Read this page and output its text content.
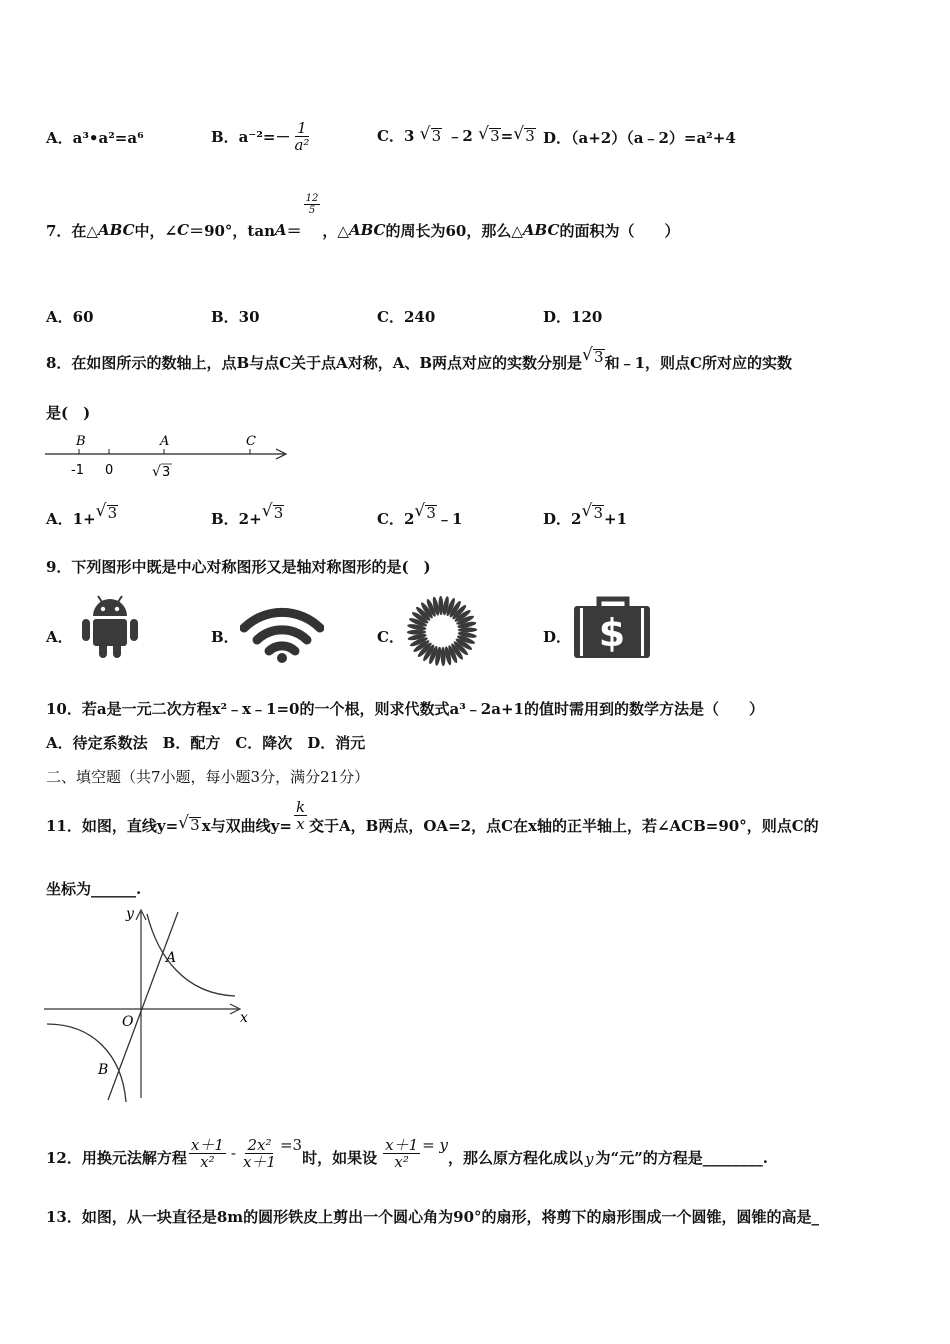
A．a³•a²=a⁶	B．$a^{-2}=- \frac{1}{\text{a²}}$	C．3 √ 3 ﹣2 √ 3= √ 3 D．（a+2）（a﹣2）=a²+4
7．在△ ABC 中，∠ C ＝90°，tan A ＝
$\frac{12}{5}$
，△ ABC 的周长为60，那么△ ABC 的面积为（　　）
A．60	B．30	C．240	D．120
8．在如图所示的数轴上，点B与点C关于点A对称，A、B两点对应的实数分别是 √ 3和﹣1，则点C所对应的实数
是(　)
B	A	C
-1 0	√ 3
A．1+ √ 3	B．2+ √ 3	C．2 √ 3﹣1	D．2 √ 3+1
9．下列图形中既是中心对称图形又是轴对称图形的是(　)
A．	B．	C．	D． $
10．若a是一元二次方程x²﹣x﹣1=0的一个根，则求代数式a³﹣2a+1的值时需用到的数学方法是（　　）
A．待定系数法　B．配方　C．降次　D．消元
二、填空题（共7小题，每小题3分，满分21分）
11．如图，直线y= √ 3 x与双曲线$y= \frac{k}{x}$ 交于A，B两点，OA=2，点C在x轴的正半轴上，若∠ACB=90°，则点C的
坐标为______.
y
x
O
A
B
12．用换元法解方程 $\frac{x+1}{\text{x²}} - \frac{\text{2x²}}{x+1} =3$
时，如果设 $\frac{x+1}{\text{x²}} = y$
，那么原方程化成以 y 为“元”的方程是________.
13．如图，从一块直径是8m的圆形铁皮上剪出一个圆心角为90°的扇形，将剪下的扇形围成一个圆锥，圆锥的高是_
